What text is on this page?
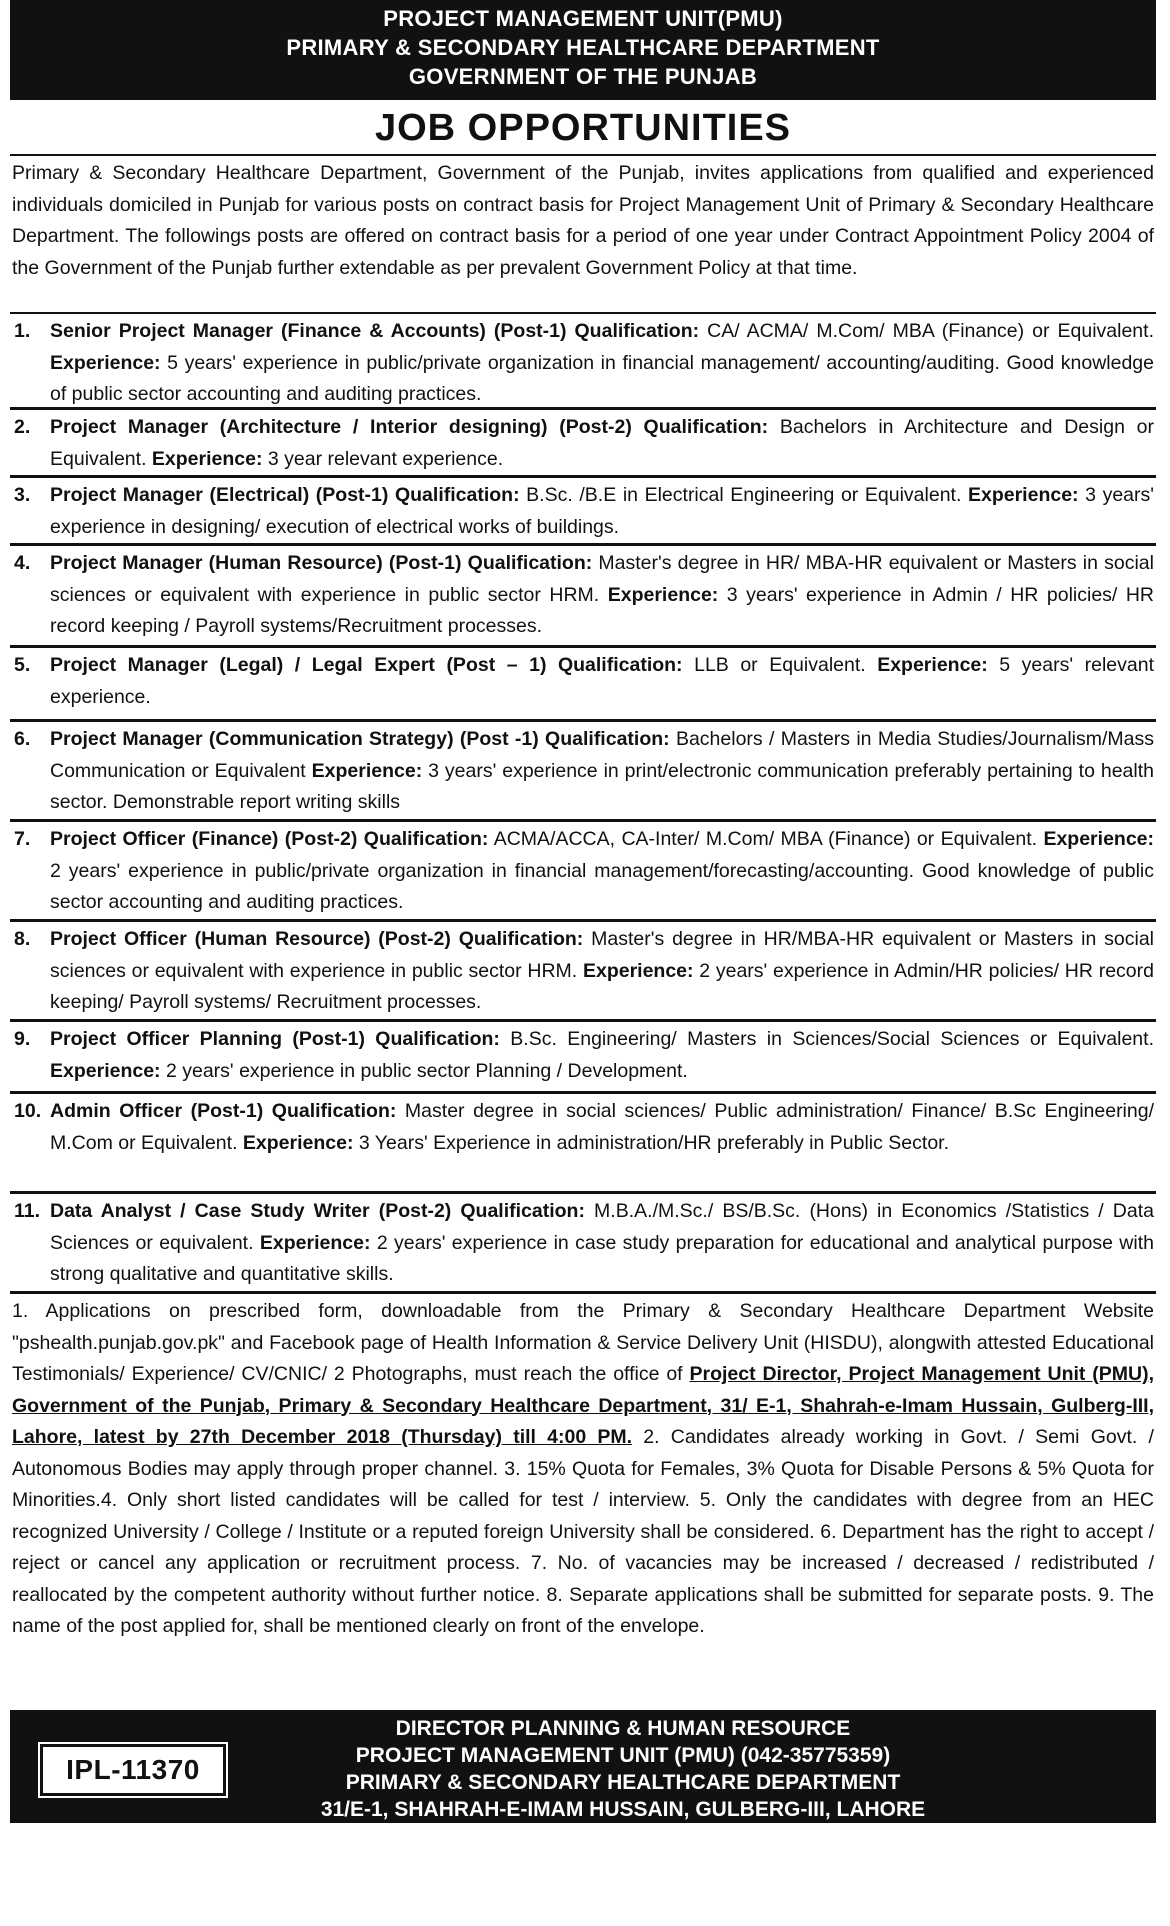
PROJECT MANAGEMENT UNIT(PMU)
PRIMARY & SECONDARY HEALTHCARE DEPARTMENT
GOVERNMENT OF THE PUNJAB
JOB OPPORTUNITIES
Primary & Secondary Healthcare Department, Government of the Punjab, invites applications from qualified and experienced individuals domiciled in Punjab for various posts on contract basis for Project Management Unit of Primary & Secondary Healthcare Department. The followings posts are offered on contract basis for a period of one year under Contract Appointment Policy 2004 of the Government of the Punjab further extendable as per prevalent Government Policy at that time.
1.	Senior Project Manager (Finance & Accounts) (Post-1) Qualification: CA/ ACMA/ M.Com/ MBA (Finance) or Equivalent. Experience: 5 years' experience in public/private organization in financial management/ accounting/auditing. Good knowledge of public sector accounting and auditing practices.
2.	Project Manager (Architecture / Interior designing) (Post-2) Qualification: Bachelors in Architecture and Design or Equivalent. Experience: 3 year relevant experience.
3.	Project Manager (Electrical) (Post-1) Qualification: B.Sc. /B.E in Electrical Engineering or Equivalent. Experience: 3 years' experience in designing/ execution of electrical works of buildings.
4.	Project Manager (Human Resource) (Post-1) Qualification: Master's degree in HR/ MBA-HR equivalent or Masters in social sciences or equivalent with experience in public sector HRM. Experience: 3 years' experience in Admin / HR policies/ HR record keeping / Payroll systems/Recruitment processes.
5.	Project Manager (Legal) / Legal Expert (Post – 1) Qualification: LLB or Equivalent. Experience: 5 years' relevant experience.
6.	Project Manager (Communication Strategy) (Post -1) Qualification: Bachelors / Masters in Media Studies/Journalism/Mass Communication or Equivalent Experience: 3 years' experience in print/electronic communication preferably pertaining to health sector. Demonstrable report writing skills
7.	Project Officer (Finance) (Post-2) Qualification: ACMA/ACCA, CA-Inter/ M.Com/ MBA (Finance) or Equivalent. Experience: 2 years' experience in public/private organization in financial management/forecasting/accounting. Good knowledge of public sector accounting and auditing practices.
8.	Project Officer (Human Resource) (Post-2) Qualification: Master's degree in HR/MBA-HR equivalent or Masters in social sciences or equivalent with experience in public sector HRM. Experience: 2 years' experience in Admin/HR policies/ HR record keeping/ Payroll systems/ Recruitment processes.
9.	Project Officer Planning (Post-1) Qualification: B.Sc. Engineering/ Masters in Sciences/Social Sciences or Equivalent. Experience: 2 years' experience in public sector Planning / Development.
10. Admin Officer (Post-1) Qualification: Master degree in social sciences/ Public administration/ Finance/ B.Sc Engineering/ M.Com or Equivalent. Experience: 3 Years' Experience in administration/HR preferably in Public Sector.
11. Data Analyst / Case Study Writer (Post-2) Qualification: M.B.A./M.Sc./ BS/B.Sc. (Hons) in Economics /Statistics / Data Sciences or equivalent. Experience: 2 years' experience in case study preparation for educational and analytical purpose with strong qualitative and quantitative skills.
1. Applications on prescribed form, downloadable from the Primary & Secondary Healthcare Department Website "pshealth.punjab.gov.pk" and Facebook page of Health Information & Service Delivery Unit (HISDU), alongwith attested Educational Testimonials/ Experience/ CV/CNIC/ 2 Photographs, must reach the office of Project Director, Project Management Unit (PMU), Government of the Punjab, Primary & Secondary Healthcare Department, 31/ E-1, Shahrah-e-Imam Hussain, Gulberg-III, Lahore, latest by 27th December 2018 (Thursday) till 4:00 PM. 2. Candidates already working in Govt. / Semi Govt. / Autonomous Bodies may apply through proper channel. 3. 15% Quota for Females, 3% Quota for Disable Persons & 5% Quota for Minorities.4. Only short listed candidates will be called for test / interview. 5. Only the candidates with degree from an HEC recognized University / College / Institute or a reputed foreign University shall be considered. 6. Department has the right to accept / reject or cancel any application or recruitment process. 7. No. of vacancies may be increased / decreased / redistributed / reallocated by the competent authority without further notice. 8. Separate applications shall be submitted for separate posts. 9. The name of the post applied for, shall be mentioned clearly on front of the envelope.
IPL-11370
DIRECTOR PLANNING & HUMAN RESOURCE
PROJECT MANAGEMENT UNIT (PMU) (042-35775359)
PRIMARY & SECONDARY HEALTHCARE DEPARTMENT
31/E-1, SHAHRAH-E-IMAM HUSSAIN, GULBERG-III, LAHORE
